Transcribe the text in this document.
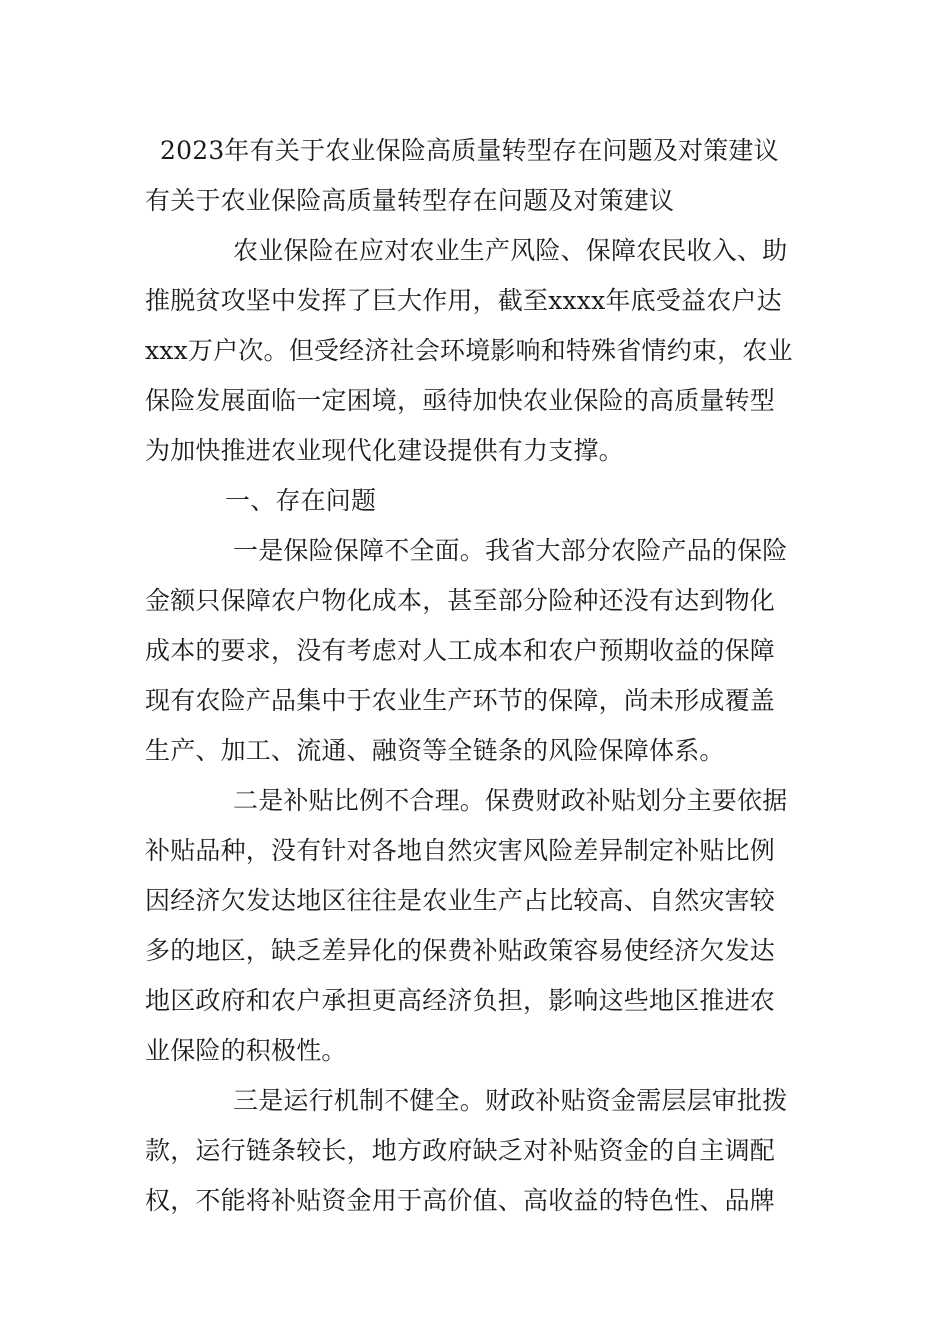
2023年有关于农业保险高质量转型存在问题及对策建议
有关于农业保险高质量转型存在问题及对策建议
农业保险在应对农业生产风险、保障农民收入、助
推脱贫攻坚中发挥了巨大作用，截至xxxx年底受益农户达
xxx万户次。但受经济社会环境影响和特殊省情约束，农业
保险发展面临一定困境，亟待加快农业保险的高质量转型
为加快推进农业现代化建设提供有力支撑。
一、存在问题
一是保险保障不全面。我省大部分农险产品的保险
金额只保障农户物化成本，甚至部分险种还没有达到物化
成本的要求，没有考虑对人工成本和农户预期收益的保障
现有农险产品集中于农业生产环节的保障，尚未形成覆盖
生产、加工、流通、融资等全链条的风险保障体系。
二是补贴比例不合理。保费财政补贴划分主要依据
补贴品种，没有针对各地自然灾害风险差异制定补贴比例
因经济欠发达地区往往是农业生产占比较高、自然灾害较
多的地区，缺乏差异化的保费补贴政策容易使经济欠发达
地区政府和农户承担更高经济负担，影响这些地区推进农
业保险的积极性。
三是运行机制不健全。财政补贴资金需层层审批拨
款，运行链条较长，地方政府缺乏对补贴资金的自主调配
权，不能将补贴资金用于高价值、高收益的特色性、品牌
